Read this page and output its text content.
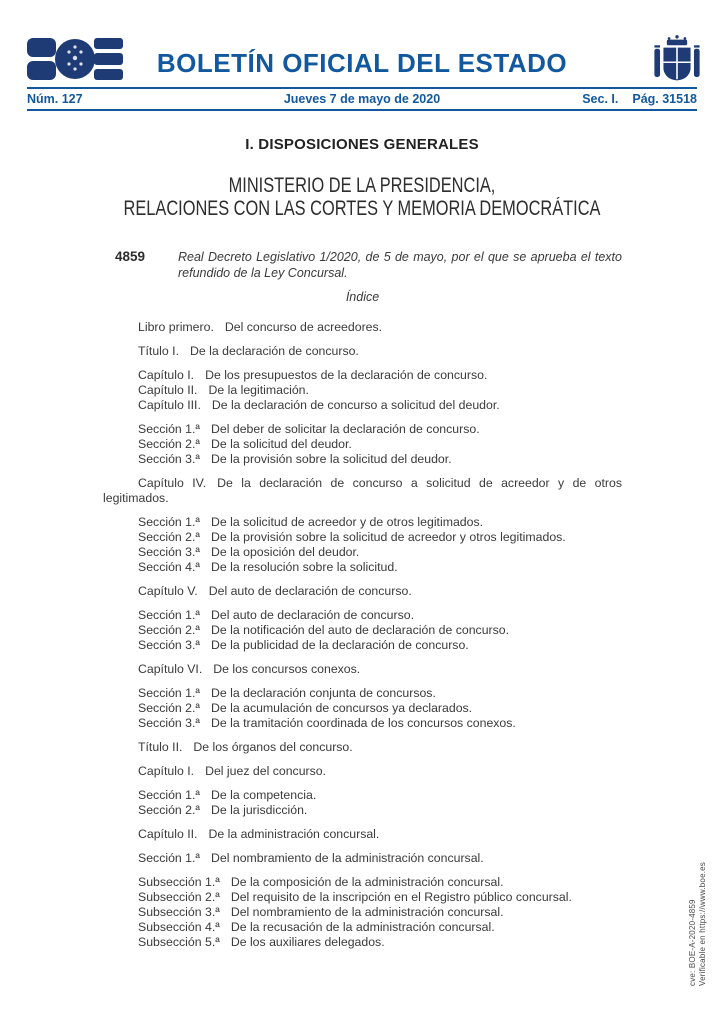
BOLETÍN OFICIAL DEL ESTADO
Núm. 127	Jueves 7 de mayo de 2020	Sec. I. Pág. 31518
I. DISPOSICIONES GENERALES
MINISTERIO DE LA PRESIDENCIA,
RELACIONES CON LAS CORTES Y MEMORIA DEMOCRÁTICA

4859	Real Decreto Legislativo 1/2020, de 5 de mayo, por el que se aprueba el texto refundido de la Ley Concursal.

Índice

Libro primero. Del concurso de acreedores.

Título I. De la declaración de concurso.

Capítulo I. De los presupuestos de la declaración de concurso.

Capítulo II. De la legitimación.

Capítulo III. De la declaración de concurso a solicitud del deudor.

Sección 1.ª Del deber de solicitar la declaración de concurso.

Sección 2.ª De la solicitud del deudor.

Sección 3.ª De la provisión sobre la solicitud del deudor.

Capítulo IV. De la declaración de concurso a solicitud de acreedor y de otros legitimados.

Sección 1.ª De la solicitud de acreedor y de otros legitimados.

Sección 2.ª De la provisión sobre la solicitud de acreedor y otros legitimados.

Sección 3.ª De la oposición del deudor.

Sección 4.ª De la resolución sobre la solicitud.

Capítulo V. Del auto de declaración de concurso.

Sección 1.ª Del auto de declaración de concurso.

Sección 2.ª De la notificación del auto de declaración de concurso.

Sección 3.ª De la publicidad de la declaración de concurso.

Capítulo VI. De los concursos conexos.

Sección 1.ª De la declaración conjunta de concursos.

Sección 2.ª De la acumulación de concursos ya declarados.

Sección 3.ª De la tramitación coordinada de los concursos conexos.

Título II. De los órganos del concurso.

Capítulo I. Del juez del concurso.

Sección 1.ª De la competencia.

Sección 2.ª De la jurisdicción.

Capítulo II. De la administración concursal.

Sección 1.ª Del nombramiento de la administración concursal.

Subsección 1.ª De la composición de la administración concursal.

Subsección 2.ª Del requisito de la inscripción en el Registro público concursal.

Subsección 3.ª Del nombramiento de la administración concursal.

Subsección 4.ª De la recusación de la administración concursal.

Subsección 5.ª De los auxiliares delegados.	cve: BOE-A-2020-4859 Verificable en https://www.boe.es
